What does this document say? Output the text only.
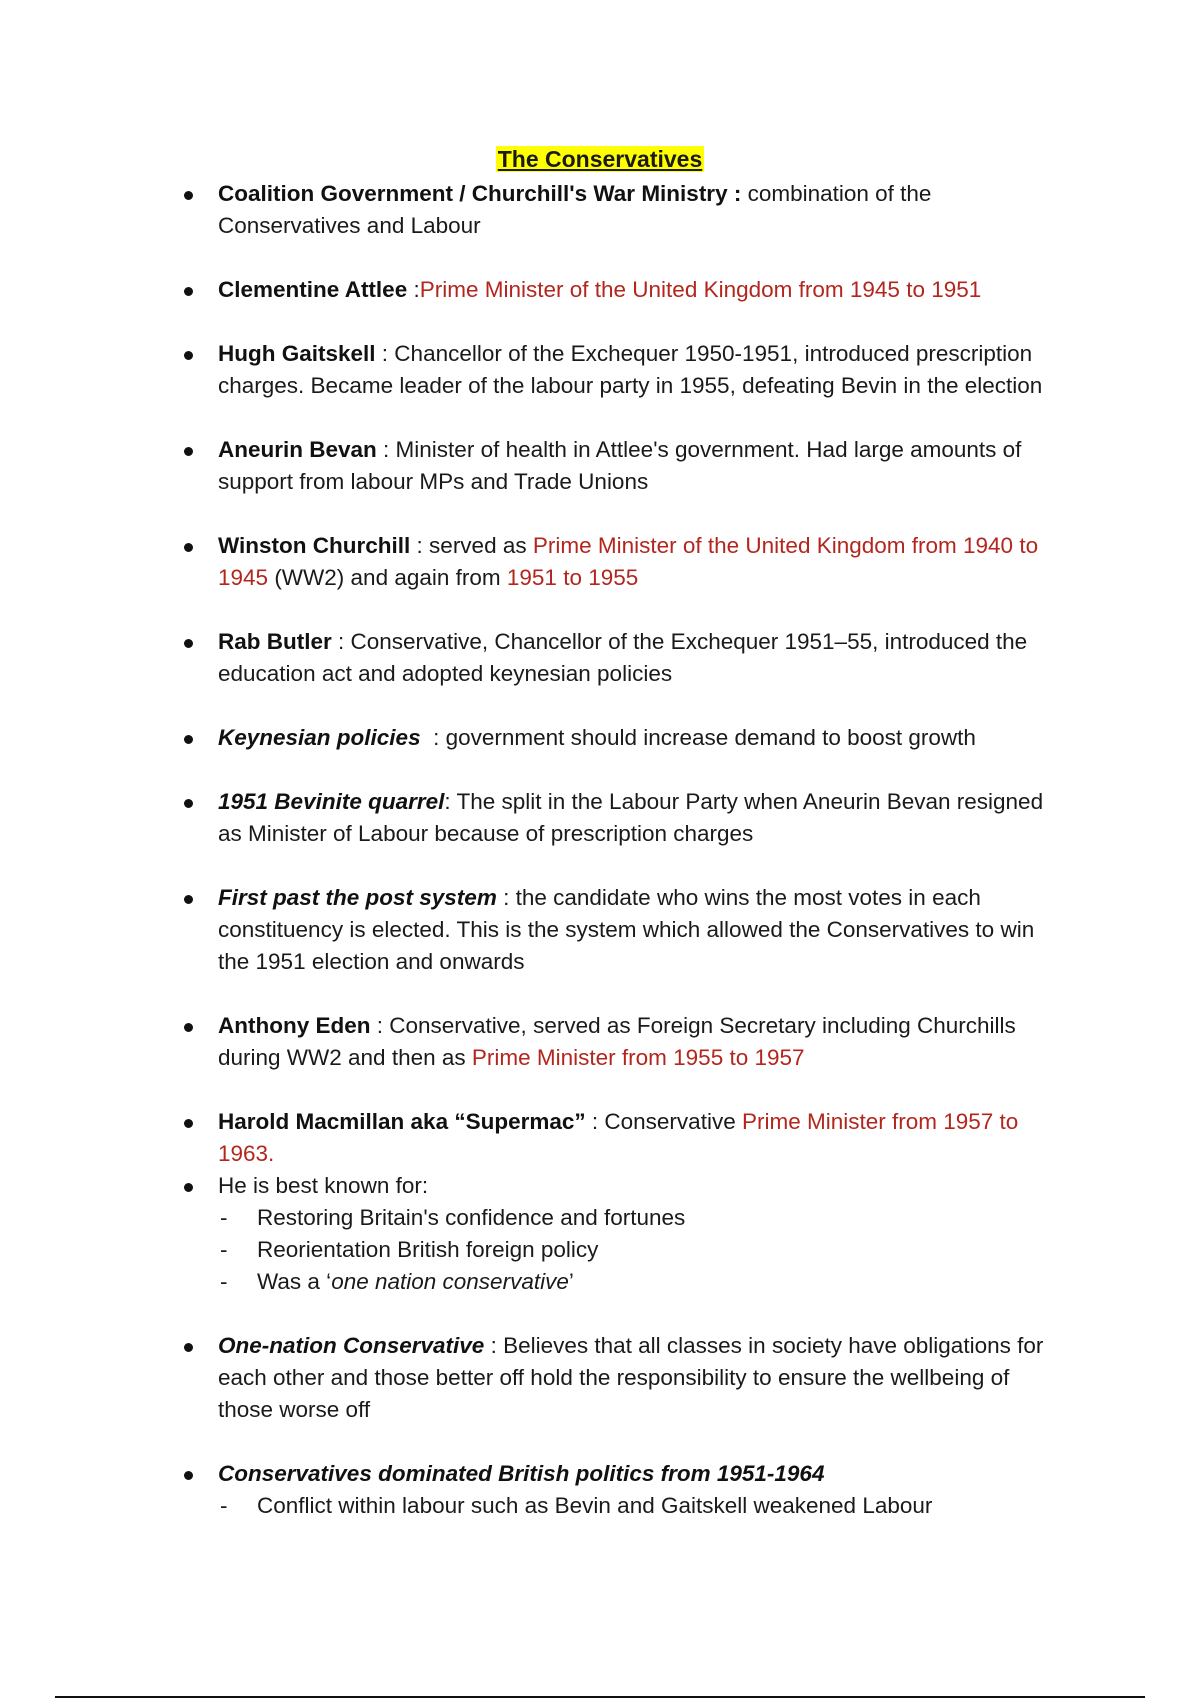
The Conservatives
Coalition Government / Churchill's War Ministry : combination of the Conservatives and Labour
Clementine Attlee :Prime Minister of the United Kingdom from 1945 to 1951
Hugh Gaitskell : Chancellor of the Exchequer 1950-1951, introduced prescription charges. Became leader of the labour party in 1955, defeating Bevin in the election
Aneurin Bevan : Minister of health in Attlee's government. Had large amounts of support from labour MPs and Trade Unions
Winston Churchill : served as Prime Minister of the United Kingdom from 1940 to 1945 (WW2) and again from 1951 to 1955
Rab Butler : Conservative, Chancellor of the Exchequer 1951–55, introduced the education act and adopted keynesian policies
Keynesian policies  : government should increase demand to boost growth
1951 Bevinite quarrel: The split in the Labour Party when Aneurin Bevan resigned as Minister of Labour because of prescription charges
First past the post system : the candidate who wins the most votes in each constituency is elected. This is the system which allowed the Conservatives to win the 1951 election and onwards
Anthony Eden : Conservative, served as Foreign Secretary including Churchills during WW2 and then as Prime Minister from 1955 to 1957
Harold Macmillan aka “Supermac” : Conservative Prime Minister from 1957 to 1963.
He is best known for:
- Restoring Britain's confidence and fortunes
- Reorientation British foreign policy
- Was a ‘one nation conservative’
One-nation Conservative : Believes that all classes in society have obligations for each other and those better off hold the responsibility to ensure the wellbeing of those worse off
Conservatives dominated British politics from 1951-1964
- Conflict within labour such as Bevin and Gaitskell weakened Labour
